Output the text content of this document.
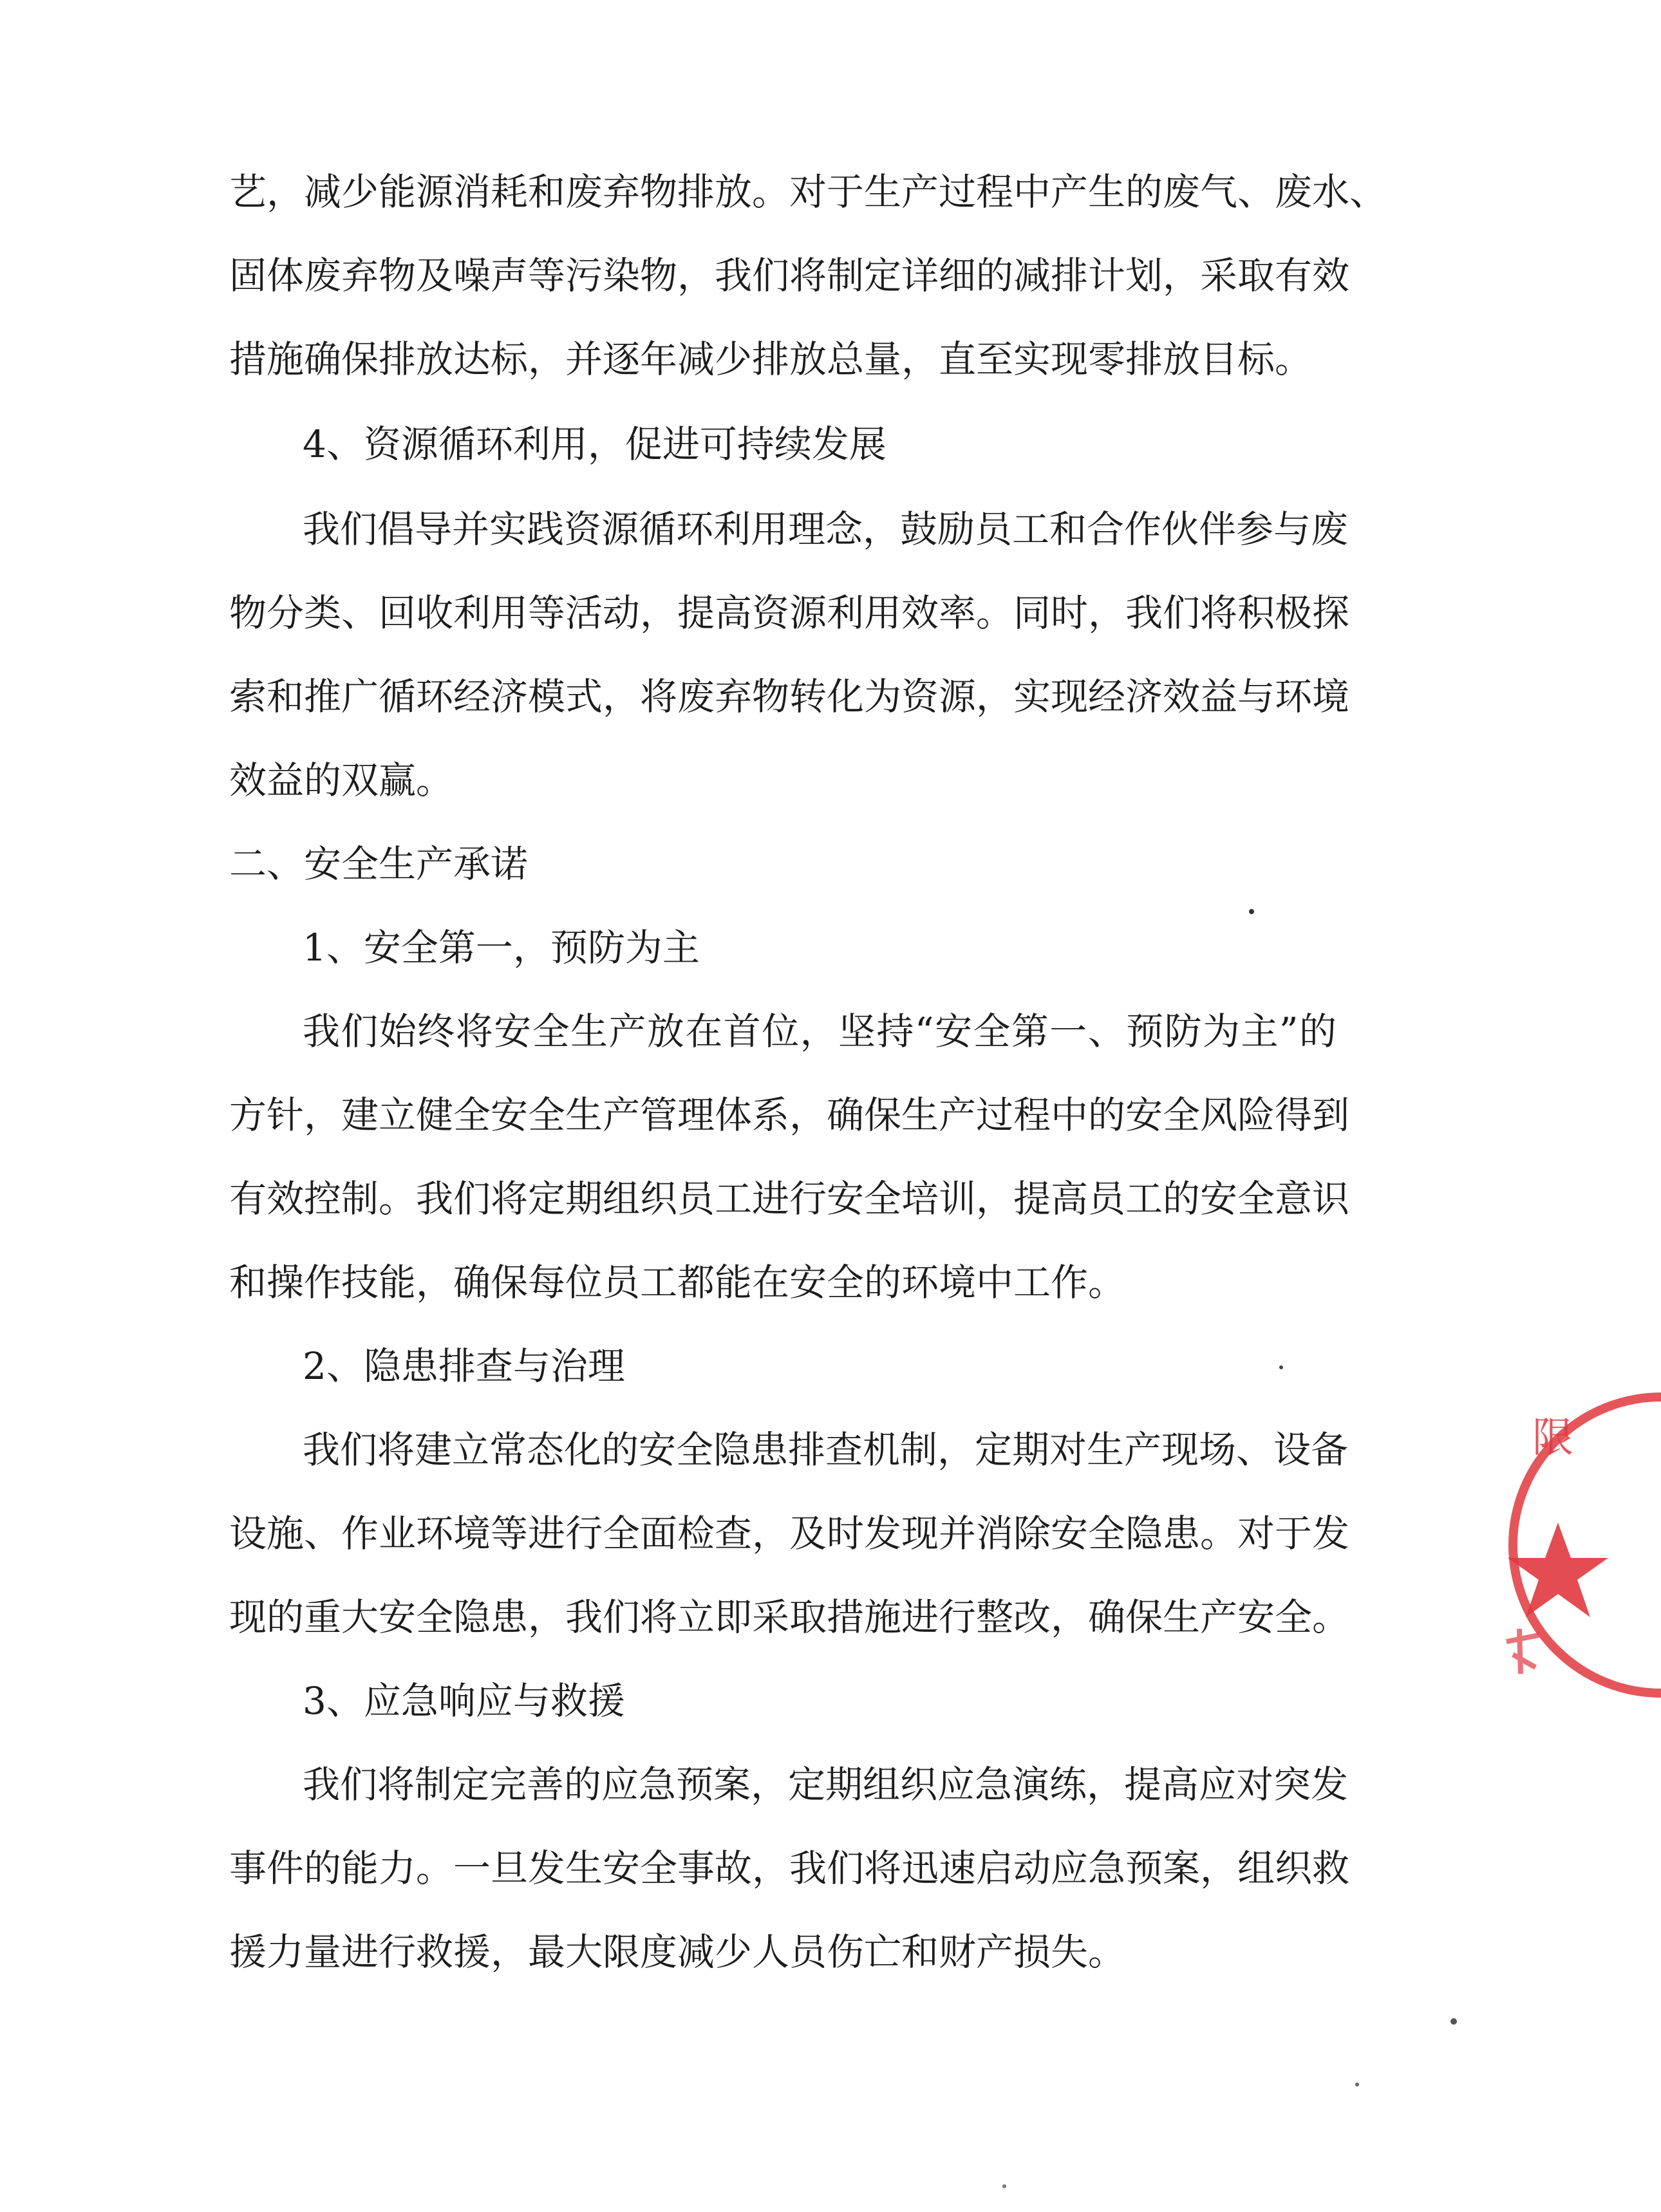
艺，减少能源消耗和废弃物排放。对于生产过程中产生的废气、废水、
固体废弃物及噪声等污染物，我们将制定详细的减排计划，采取有效
措施确保排放达标，并逐年减少排放总量，直至实现零排放目标。
4、资源循环利用，促进可持续发展
我们倡导并实践资源循环利用理念，鼓励员工和合作伙伴参与废
物分类、回收利用等活动，提高资源利用效率。同时，我们将积极探
索和推广循环经济模式，将废弃物转化为资源，实现经济效益与环境
效益的双赢。
二、安全生产承诺
1、安全第一，预防为主
我们始终将安全生产放在首位，坚持“安全第一、预防为主”的
方针，建立健全安全生产管理体系，确保生产过程中的安全风险得到
有效控制。我们将定期组织员工进行安全培训，提高员工的安全意识
和操作技能，确保每位员工都能在安全的环境中工作。
2、隐患排查与治理
我们将建立常态化的安全隐患排查机制，定期对生产现场、设备
设施、作业环境等进行全面检查，及时发现并消除安全隐患。对于发
现的重大安全隐患，我们将立即采取措施进行整改，确保生产安全。
3、应急响应与救援
我们将制定完善的应急预案，定期组织应急演练，提高应对突发
事件的能力。一旦发生安全事故，我们将迅速启动应急预案，组织救
援力量进行救援，最大限度减少人员伤亡和财产损失。
限
